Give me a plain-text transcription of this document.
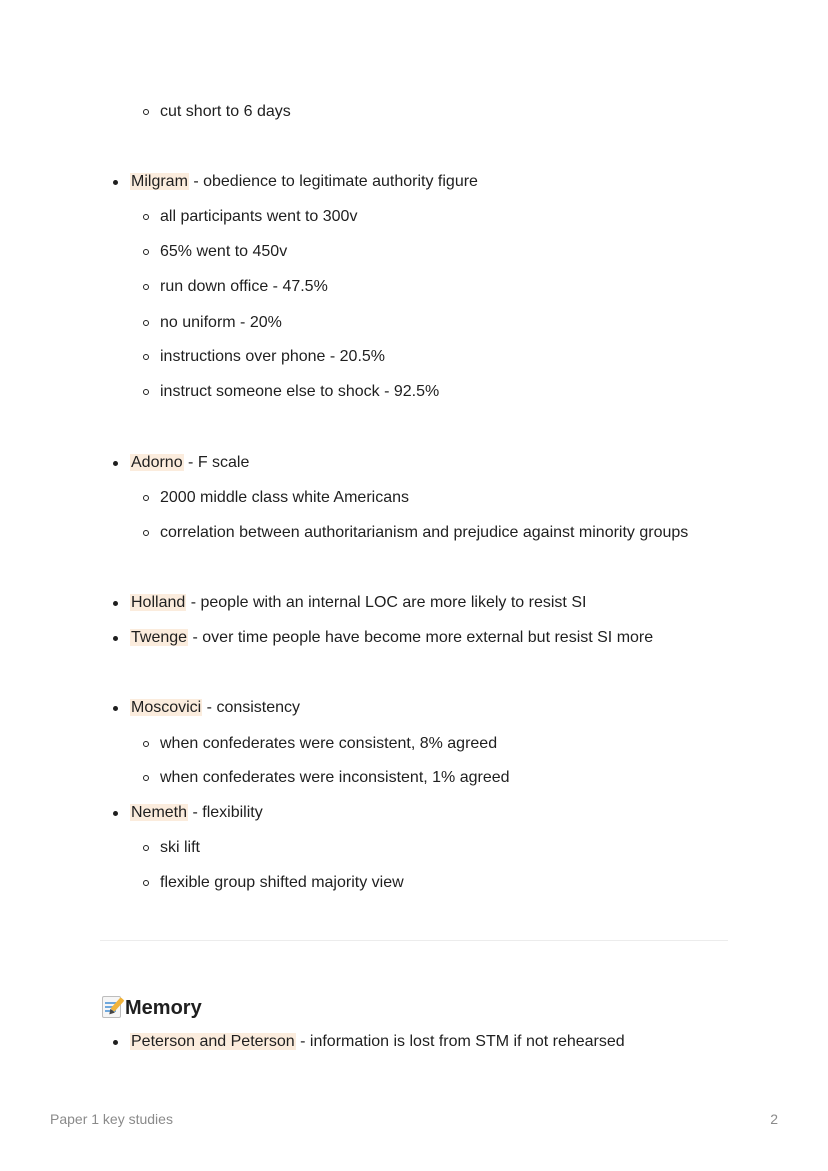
cut short to 6 days
Milgram - obedience to legitimate authority figure
all participants went to 300v
65% went to 450v
run down office - 47.5%
no uniform - 20%
instructions over phone - 20.5%
instruct someone else to shock - 92.5%
Adorno - F scale
2000 middle class white Americans
correlation between authoritarianism and prejudice against minority groups
Holland - people with an internal LOC are more likely to resist SI
Twenge - over time people have become more external but resist SI more
Moscovici - consistency
when confederates were consistent, 8% agreed
when confederates were inconsistent, 1% agreed
Nemeth - flexibility
ski lift
flexible group shifted majority view
Memory
Peterson and Peterson - information is lost from STM if not rehearsed
Paper 1 key studies	2
